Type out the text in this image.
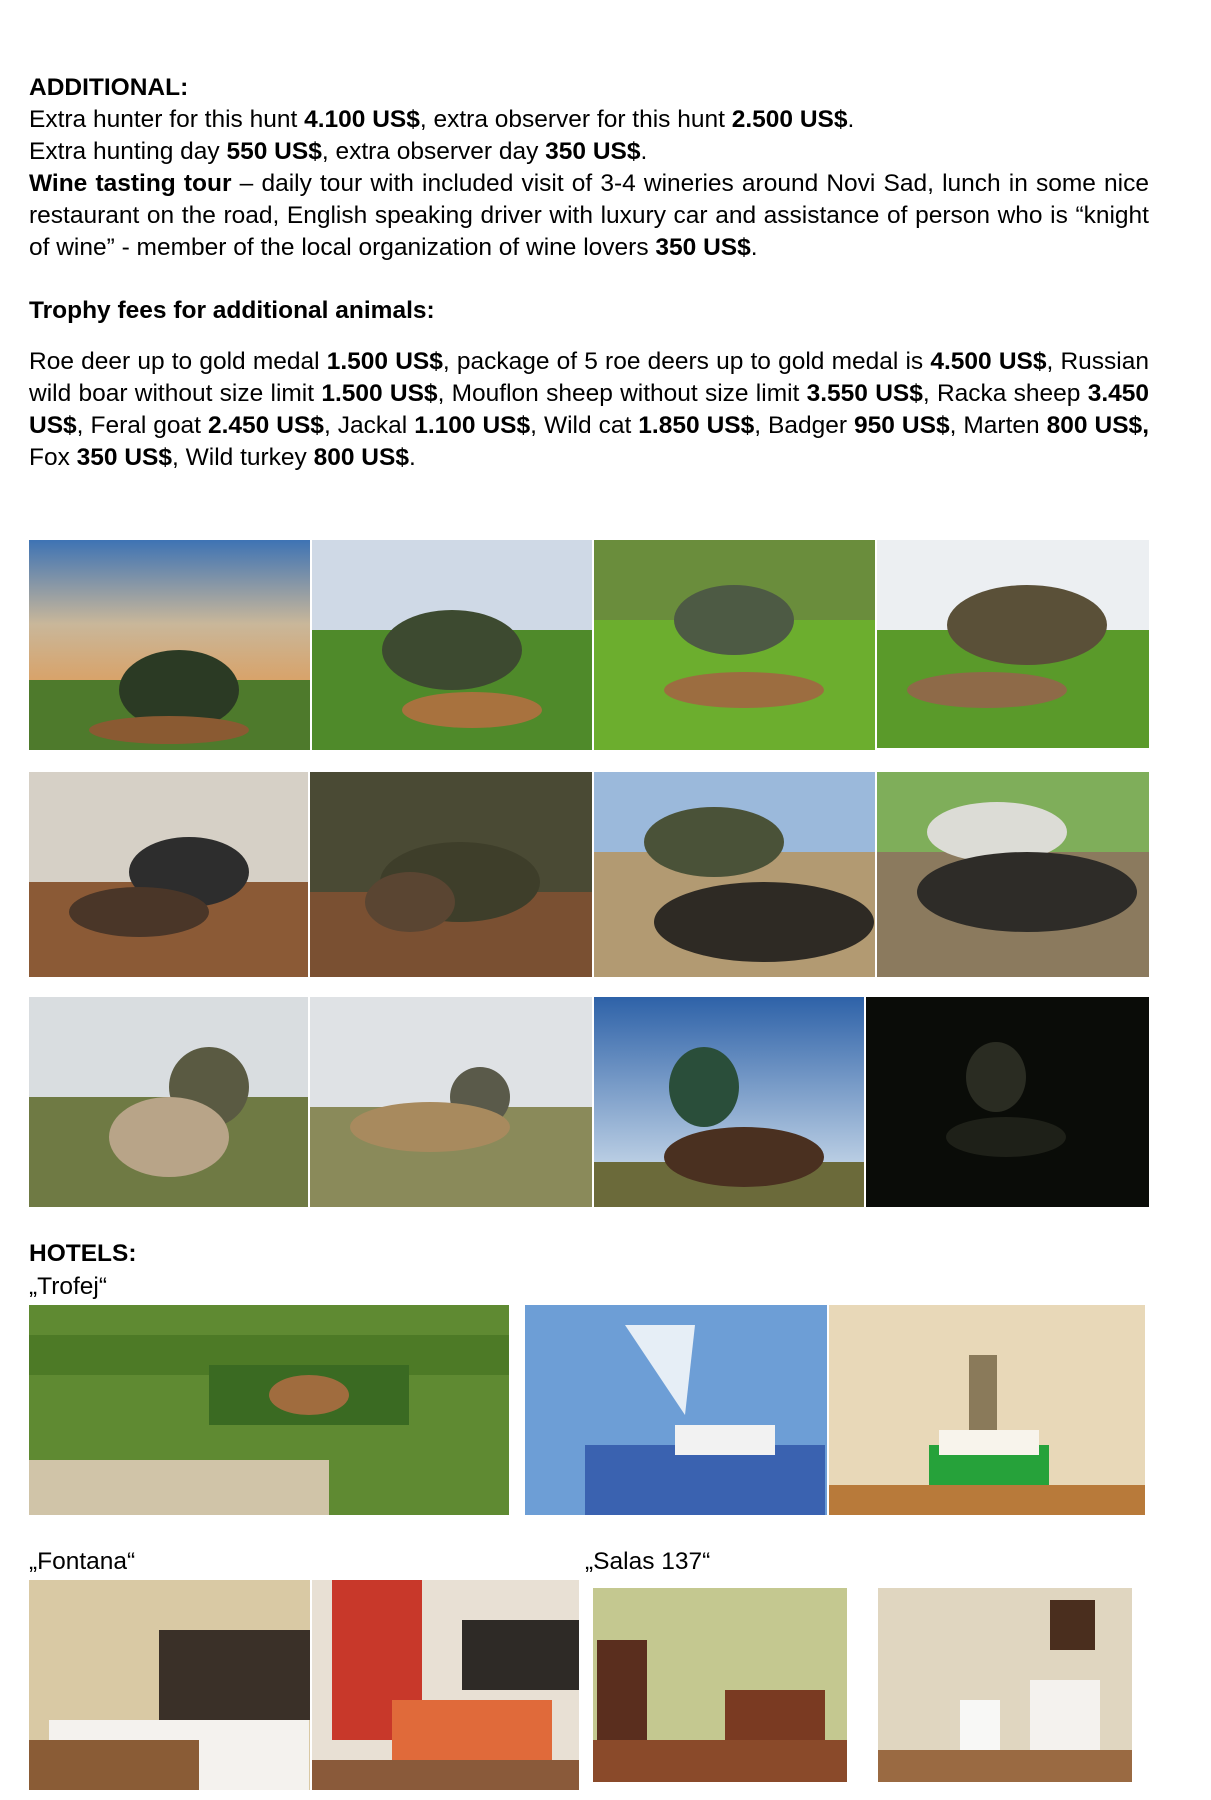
ADDITIONAL:
Extra hunter for this hunt 4.100 US$, extra observer for this hunt 2.500 US$.
Extra hunting day 550 US$, extra observer day 350 US$.
Wine tasting tour – daily tour with included visit of 3-4 wineries around Novi Sad, lunch in some nice restaurant on the road, English speaking driver with luxury car and assistance of person who is “knight of wine” - member of the local organization of wine lovers 350 US$.
Trophy fees for additional animals:
Roe deer up to gold medal 1.500 US$, package of 5 roe deers up to gold medal is 4.500 US$, Russian wild boar without size limit 1.500 US$, Mouflon sheep without size limit 3.550 US$, Racka sheep 3.450 US$, Feral goat 2.450 US$, Jackal 1.100 US$, Wild cat 1.850 US$, Badger 950 US$, Marten 800 US$, Fox 350 US$, Wild turkey 800 US$.
HOTELS:
„Trofej“
„Fontana“	„Salas 137“
